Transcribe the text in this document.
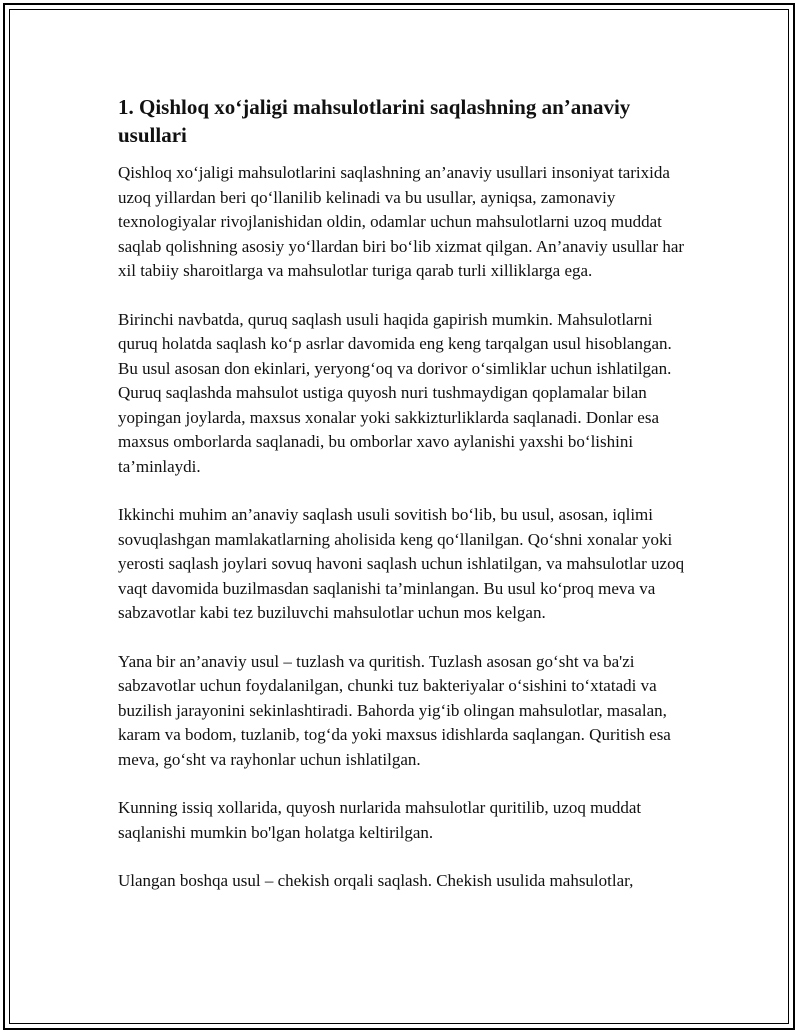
1. Qishloq xo‘jaligi mahsulotlarini saqlashning an’anaviy usullari

Qishloq xo‘jaligi mahsulotlarini saqlashning an’anaviy usullari insoniyat tarixida uzoq yillardan beri qo‘llanilib kelinadi va bu usullar, ayniqsa, zamonaviy texnologiyalar rivojlanishidan oldin, odamlar uchun mahsulotlarni uzoq muddat saqlab qolishning asosiy yo‘llardan biri bo‘lib xizmat qilgan. An’anaviy usullar har xil tabiiy sharoitlarga va mahsulotlar turiga qarab turli xilliklarga ega.

Birinchi navbatda, quruq saqlash usuli haqida gapirish mumkin. Mahsulotlarni quruq holatda saqlash ko‘p asrlar davomida eng keng tarqalgan usul hisoblangan. Bu usul asosan don ekinlari, yeryong‘oq va dorivor o‘simliklar uchun ishlatilgan. Quruq saqlashda mahsulot ustiga quyosh nuri tushmaydigan qoplamalar bilan yopingan joylarda, maxsus xonalar yoki sakkizturliklarda saqlanadi. Donlar esa maxsus omborlarda saqlanadi, bu omborlar xavo aylanishi yaxshi bo‘lishini ta’minlaydi.

Ikkinchi muhim an’anaviy saqlash usuli sovitish bo‘lib, bu usul, asosan, iqlimi sovuqlashgan mamlakatlarning aholisida keng qo‘llanilgan. Qo‘shni xonalar yoki yerosti saqlash joylari sovuq havoni saqlash uchun ishlatilgan, va mahsulotlar uzoq vaqt davomida buzilmasdan saqlanishi ta’minlangan. Bu usul ko‘proq meva va sabzavotlar kabi tez buziluvchi mahsulotlar uchun mos kelgan.

Yana bir an’anaviy usul – tuzlash va quritish. Tuzlash asosan go‘sht va ba'zi sabzavotlar uchun foydalanilgan, chunki tuz bakteriyalar o‘sishini to‘xtatadi va buzilish jarayonini sekinlashtiradi. Bahorda yig‘ib olingan mahsulotlar, masalan, karam va bodom, tuzlanib, tog‘da yoki maxsus idishlarda saqlangan. Quritish esa meva, go‘sht va rayhonlar uchun ishlatilgan.

Kunning issiq xollarida, quyosh nurlarida mahsulotlar quritilib, uzoq muddat saqlanishi mumkin bo'lgan holatga keltirilgan.

Ulangan boshqa usul – chekish orqali saqlash. Chekish usulida mahsulotlar,
